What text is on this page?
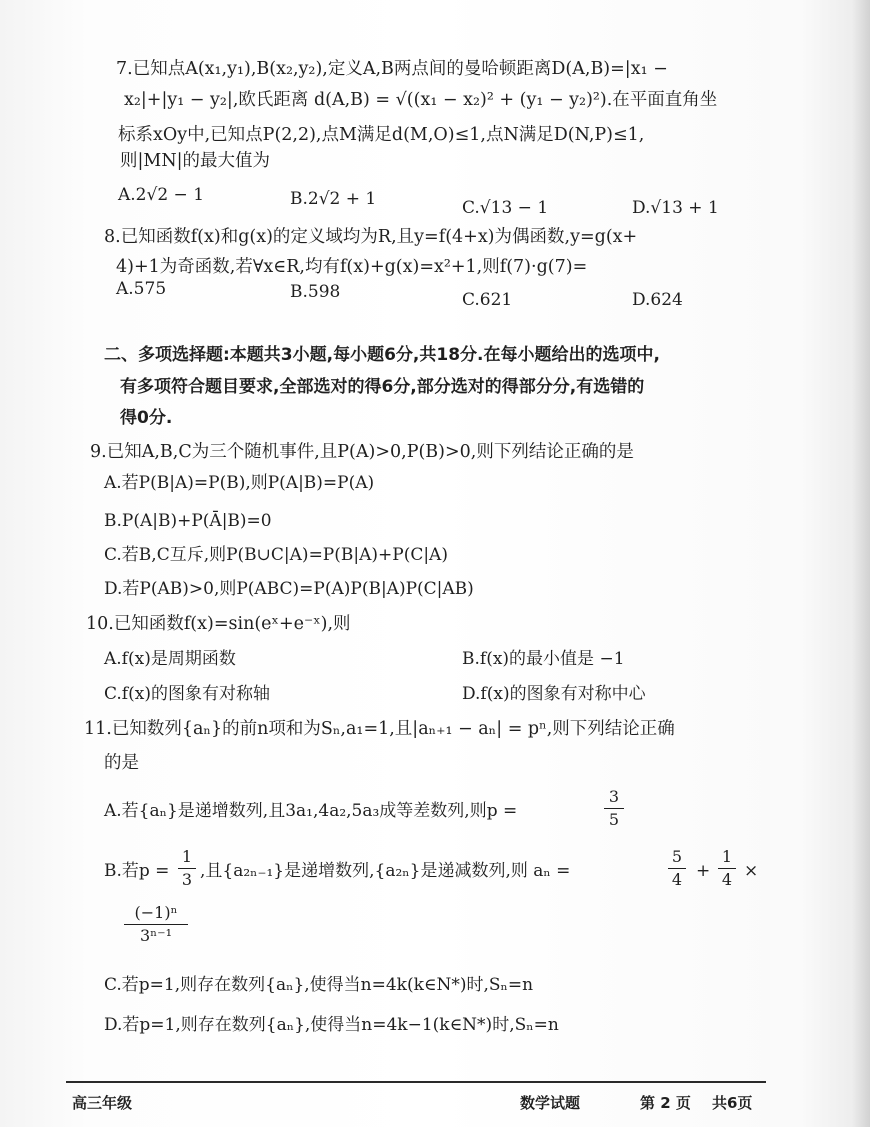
7.已知点A(x₁,y₁),B(x₂,y₂),定义A,B两点间的曼哈顿距离D(A,B)=|x₁ −
x₂|+|y₁ − y₂|,欧氏距离 d(A,B) = √((x₁ − x₂)² + (y₁ − y₂)²).在平面直角坐
标系xOy中,已知点P(2,2),点M满足d(M,O)≤1,点N满足D(N,P)≤1,
则|MN|的最大值为
A.2√2 − 1	B.2√2 + 1	C.√13 − 1	D.√13 + 1
8.已知函数f(x)和g(x)的定义域均为R,且y=f(4+x)为偶函数,y=g(x+
4)+1为奇函数,若∀x∈R,均有f(x)+g(x)=x²+1,则f(7)·g(7)=
A.575	B.598	C.621	D.624
二、多项选择题:本题共3小题,每小题6分,共18分.在每小题给出的选项中,
有多项符合题目要求,全部选对的得6分,部分选对的得部分分,有选错的
得0分.
9.已知A,B,C为三个随机事件,且P(A)>0,P(B)>0,则下列结论正确的是
A.若P(B|A)=P(B),则P(A|B)=P(A)
B.P(A|B)+P(Ā|B)=0
C.若B,C互斥,则P(B∪C|A)=P(B|A)+P(C|A)
D.若P(AB)>0,则P(ABC)=P(A)P(B|A)P(C|AB)
10.已知函数f(x)=sin(eˣ+e⁻ˣ),则
A.f(x)是周期函数	B.f(x)的最小值是 −1
C.f(x)的图象有对称轴	D.f(x)的图象有对称中心
11.已知数列{aₙ}的前n项和为Sₙ,a₁=1,且|aₙ₊₁ − aₙ| = pⁿ,则下列结论正确
的是
A.若{aₙ}是递增数列,且3a₁,4a₂,5a₃成等差数列,则p =
3
5
B.若p =
1
3 ,且{a₂ₙ₋₁}是递增数列,{a₂ₙ}是递减数列,则 aₙ =
5
4 +
1
4 ×
(−1)ⁿ
3ⁿ⁻¹
C.若p=1,则存在数列{aₙ},使得当n=4k(k∈N*)时,Sₙ=n
D.若p=1,则存在数列{aₙ},使得当n=4k−1(k∈N*)时,Sₙ=n
高三年级	数学试题	第 2 页 共6页
